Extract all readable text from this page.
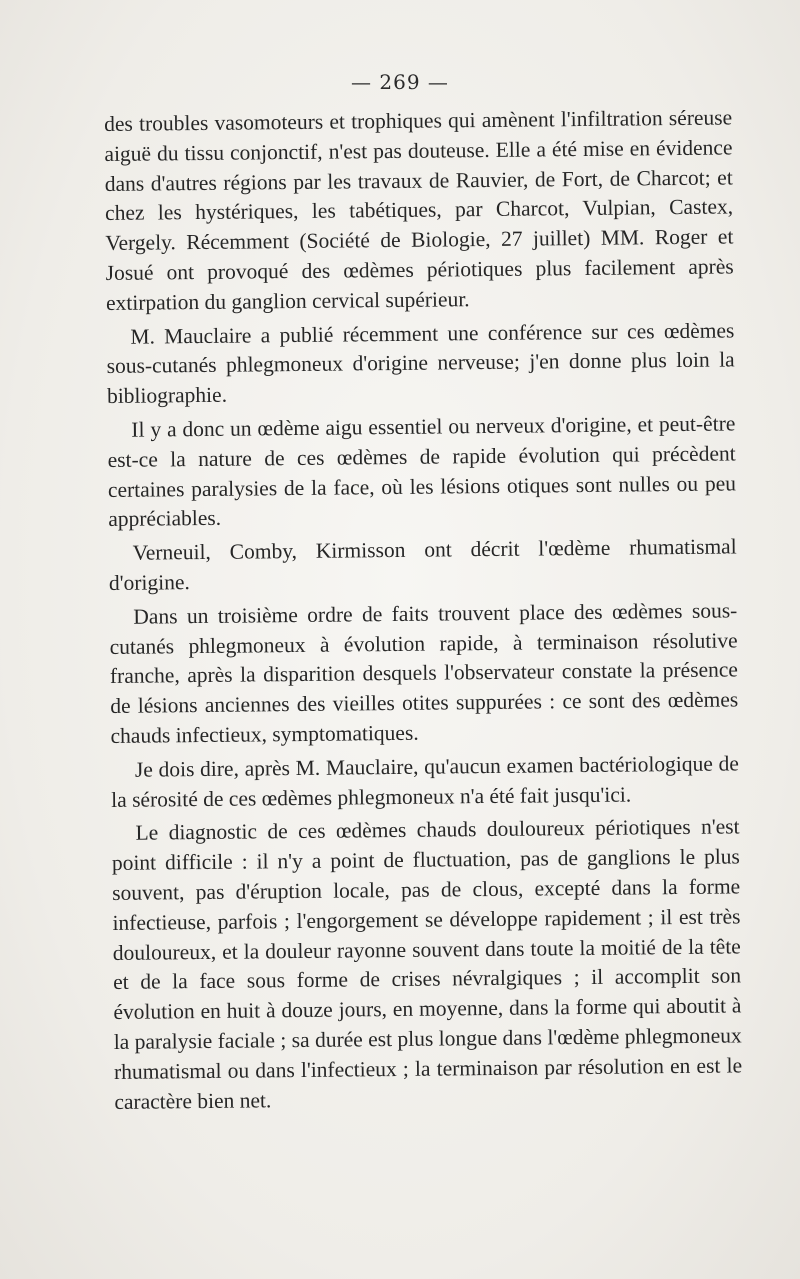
— 269 —

des troubles vasomoteurs et trophiques qui amènent l'infiltration séreuse aiguë du tissu conjonctif, n'est pas douteuse. Elle a été mise en évidence dans d'autres régions par les travaux de Rauvier, de Fort, de Charcot; et chez les hystériques, les tabétiques, par Charcot, Vulpian, Castex, Vergely. Récemment (Société de Biologie, 27 juillet) MM. Roger et Josué ont provoqué des œdèmes périotiques plus facilement après extirpation du ganglion cervical supérieur.

M. Mauclaire a publié récemment une conférence sur ces œdèmes sous-cutanés phlegmoneux d'origine nerveuse; j'en donne plus loin la bibliographie.

Il y a donc un œdème aigu essentiel ou nerveux d'origine, et peut-être est-ce la nature de ces œdèmes de rapide évolution qui précèdent certaines paralysies de la face, où les lésions otiques sont nulles ou peu appréciables.

Verneuil, Comby, Kirmisson ont décrit l'œdème rhumatismal d'origine.

Dans un troisième ordre de faits trouvent place des œdèmes sous-cutanés phlegmoneux à évolution rapide, à terminaison résolutive franche, après la disparition desquels l'observateur constate la présence de lésions anciennes des vieilles otites suppurées : ce sont des œdèmes chauds infectieux, symptomatiques.

Je dois dire, après M. Mauclaire, qu'aucun examen bactériologique de la sérosité de ces œdèmes phlegmoneux n'a été fait jusqu'ici.

Le diagnostic de ces œdèmes chauds douloureux périotiques n'est point difficile : il n'y a point de fluctuation, pas de ganglions le plus souvent, pas d'éruption locale, pas de clous, excepté dans la forme infectieuse, parfois ; l'engorgement se développe rapidement ; il est très douloureux, et la douleur rayonne souvent dans toute la moitié de la tête et de la face sous forme de crises névralgiques ; il accomplit son évolution en huit à douze jours, en moyenne, dans la forme qui aboutit à la paralysie faciale ; sa durée est plus longue dans l'œdème phlegmoneux rhumatismal ou dans l'infectieux ; la terminaison par résolution en est le caractère bien net.
